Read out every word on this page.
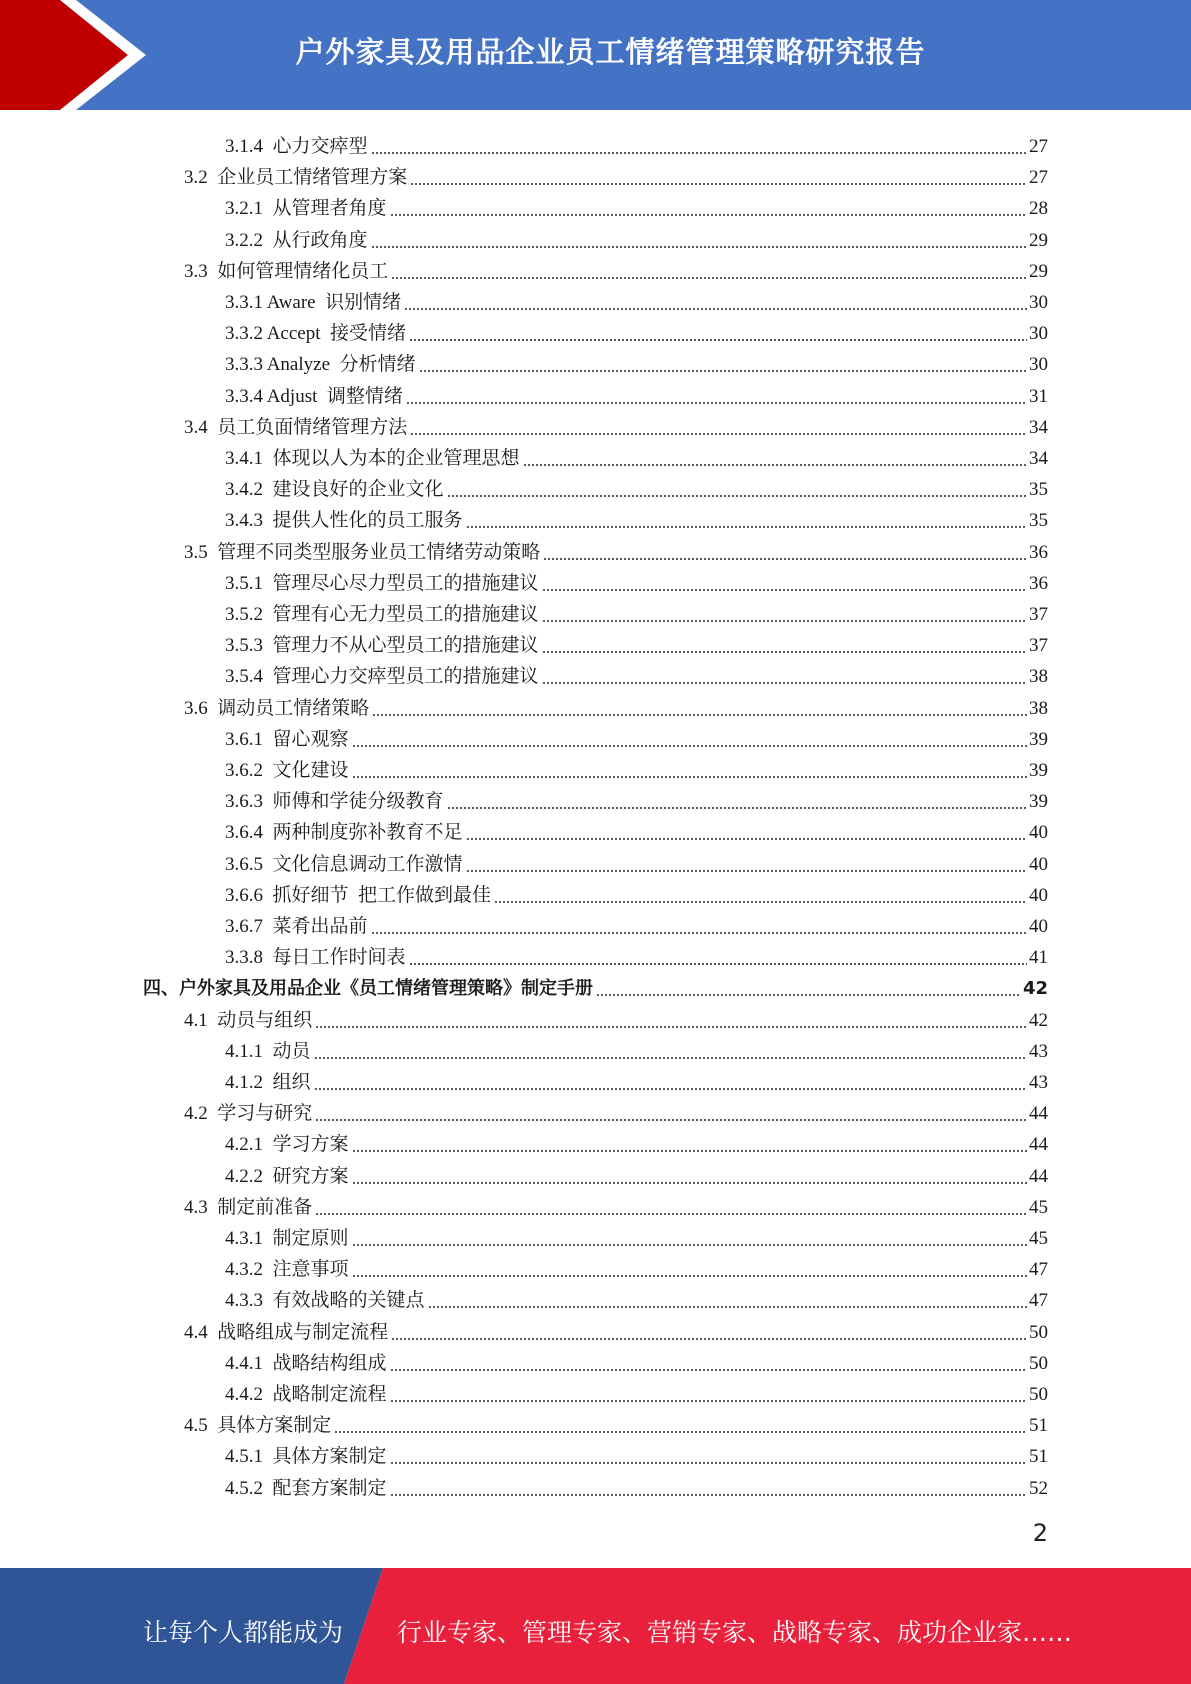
户外家具及用品企业员工情绪管理策略研究报告
3.1.4  心力交瘁型	27
3.2  企业员工情绪管理方案	27
3.2.1  从管理者角度	28
3.2.2  从行政角度	29
3.3  如何管理情绪化员工	29
3.3.1 Aware  识别情绪	30
3.3.2 Accept  接受情绪	30
3.3.3 Analyze  分析情绪	30
3.3.4 Adjust  调整情绪	31
3.4  员工负面情绪管理方法	34
3.4.1  体现以人为本的企业管理思想	34
3.4.2  建设良好的企业文化	35
3.4.3  提供人性化的员工服务	35
3.5  管理不同类型服务业员工情绪劳动策略	36
3.5.1  管理尽心尽力型员工的措施建议	36
3.5.2  管理有心无力型员工的措施建议	37
3.5.3  管理力不从心型员工的措施建议	37
3.5.4  管理心力交瘁型员工的措施建议	38
3.6  调动员工情绪策略	38
3.6.1  留心观察	39
3.6.2  文化建设	39
3.6.3  师傅和学徒分级教育	39
3.6.4  两种制度弥补教育不足	40
3.6.5  文化信息调动工作激情	40
3.6.6  抓好细节  把工作做到最佳	40
3.6.7  菜肴出品前	40
3.3.8  每日工作时间表	41
四、户外家具及用品企业《员工情绪管理策略》制定手册	42
4.1  动员与组织	42
4.1.1  动员	43
4.1.2  组织	43
4.2  学习与研究	44
4.2.1  学习方案	44
4.2.2  研究方案	44
4.3  制定前准备	45
4.3.1  制定原则	45
4.3.2  注意事项	47
4.3.3  有效战略的关键点	47
4.4  战略组成与制定流程	50
4.4.1  战略结构组成	50
4.4.2  战略制定流程	50
4.5  具体方案制定	51
4.5.1  具体方案制定	51
4.5.2  配套方案制定	52
2
让每个人都能成为 行业专家、管理专家、营销专家、战略专家、成功企业家……
